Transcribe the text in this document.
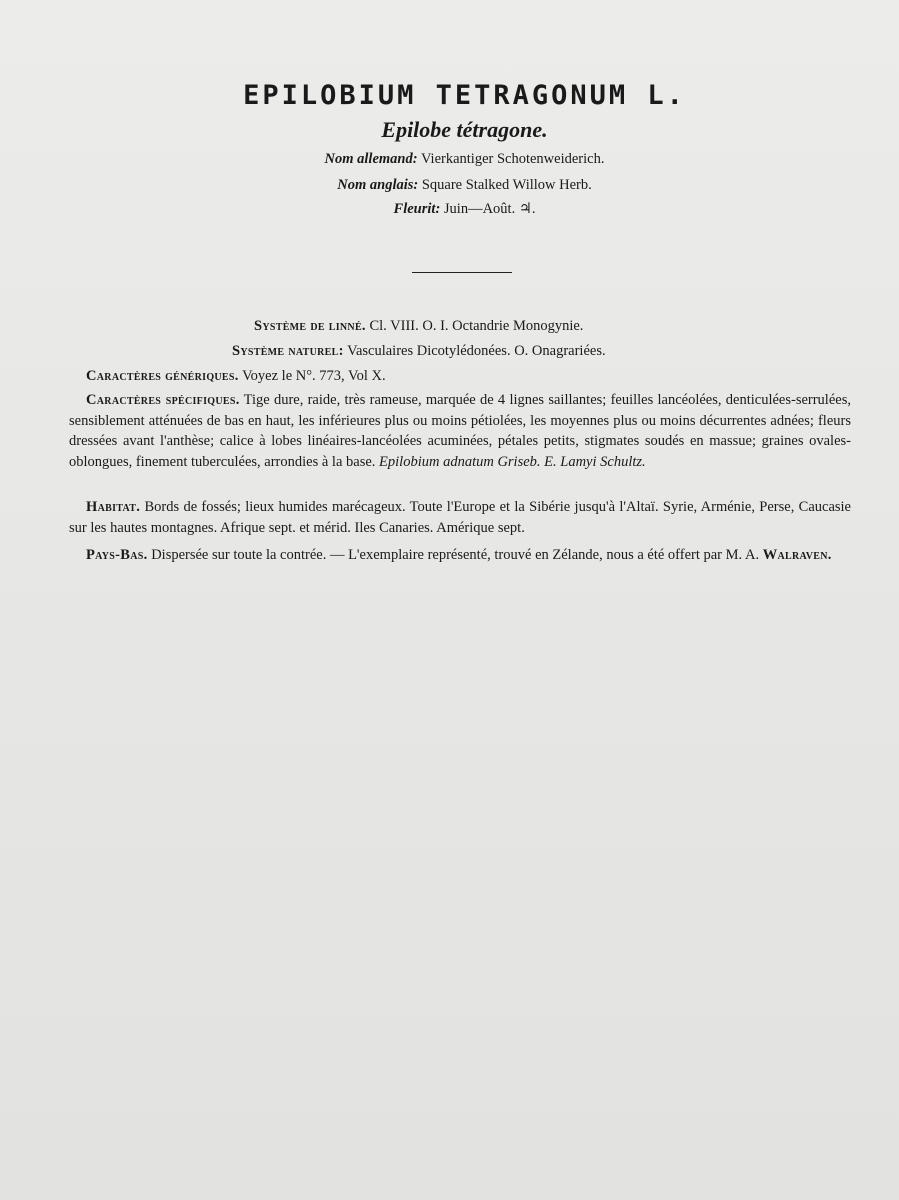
EPILOBIUM TETRAGONUM L.
Epilobe tétragone.
Nom allemand: Vierkantiger Schotenweiderich.
Nom anglais: Square Stalked Willow Herb.
Fleurit: Juin—Août. ♃.
Système de linné. Cl. VIII. O. I. Octandrie Monogynie.
Système naturel: Vasculaires Dicotylédonées. O. Onagrariées.
Caractères génériques. Voyez le N°. 773, Vol X.
Caractères spécifiques. Tige dure, raide, très rameuse, marquée de 4 lignes saillantes; feuilles lancéolées, denticulées-serrulées, sensiblement atténuées de bas en haut, les inférieures plus ou moins pétiolées, les moyennes plus ou moins décurrentes adnées; fleurs dressées avant l'anthèse; calice à lobes linéaires-lancéolées acuminées, pétales petits, stigmates soudés en massue; graines ovales-oblongues, finement tuberculées, arrondies à la base. Epilobium adnatum Griseb. E. Lamyi Schultz.
Habitat. Bords de fossés; lieux humides marécageux. Toute l'Europe et la Sibérie jusqu'à l'Altaï. Syrie, Arménie, Perse, Caucasie sur les hautes montagnes. Afrique sept. et mérid. Iles Canaries. Amérique sept.
Pays-Bas. Dispersée sur toute la contrée. — L'exemplaire représenté, trouvé en Zélande, nous a été offert par M. A. Walraven.
